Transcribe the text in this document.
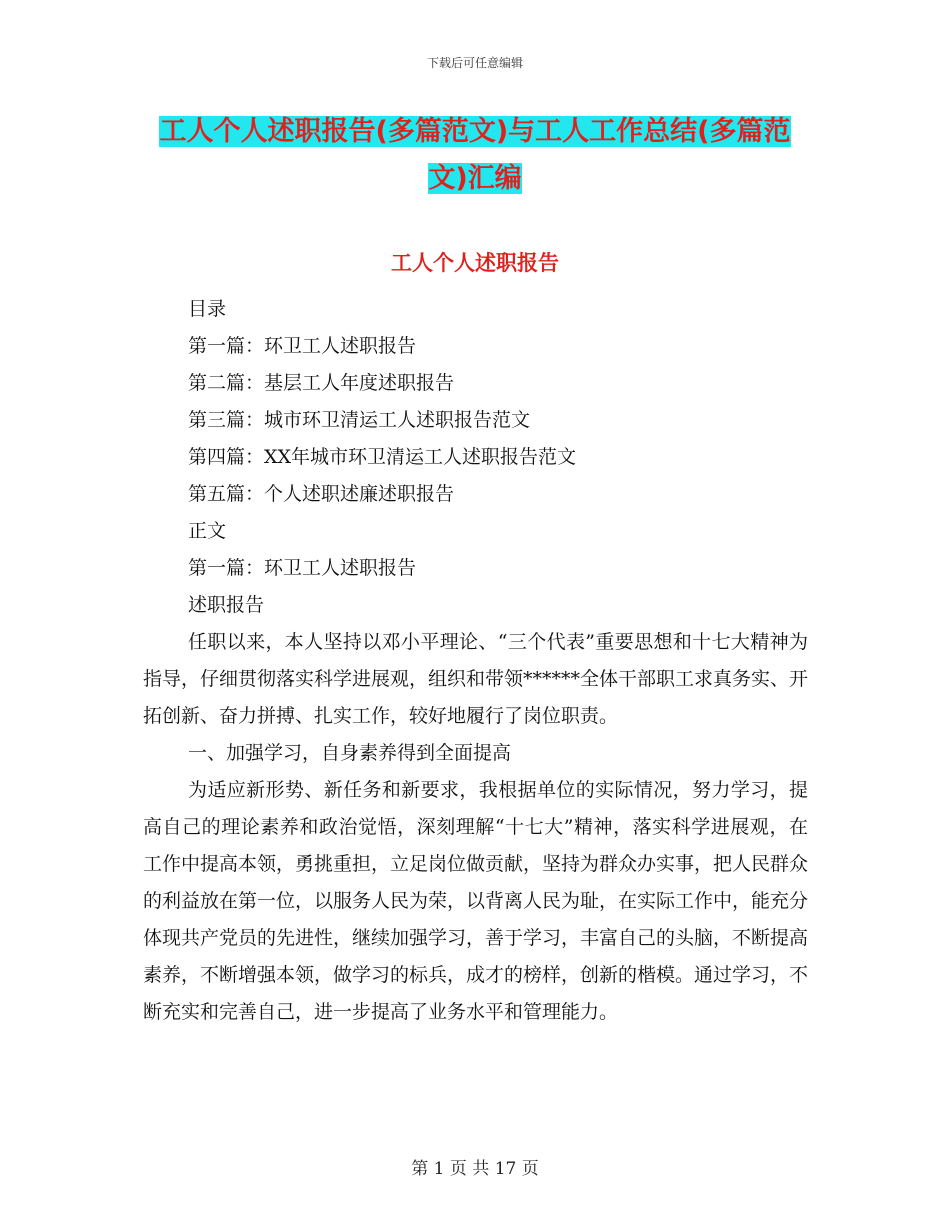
下载后可任意编辑
工人个人述职报告(多篇范文)与工人工作总结(多篇范
文)汇编
工人个人述职报告
目录
第一篇：环卫工人述职报告
第二篇：基层工人年度述职报告
第三篇：城市环卫清运工人述职报告范文
第四篇：XX年城市环卫清运工人述职报告范文
第五篇：个人述职述廉述职报告
正文
第一篇：环卫工人述职报告
述职报告

任职以来，本人坚持以邓小平理论、“三个代表”重要思想和十七大精神为指导，仔细贯彻落实科学进展观，组织和带领******全体干部职工求真务实、开拓创新、奋力拼搏、扎实工作，较好地履行了岗位职责。

一、加强学习，自身素养得到全面提高

为适应新形势、新任务和新要求，我根据单位的实际情况，努力学习，提高自己的理论素养和政治觉悟，深刻理解“十七大”精神，落实科学进展观，在工作中提高本领，勇挑重担，立足岗位做贡献，坚持为群众办实事，把人民群众的利益放在第一位，以服务人民为荣，以背离人民为耻，在实际工作中，能充分体现共产党员的先进性，继续加强学习，善于学习，丰富自己的头脑，不断提高素养，不断增强本领，做学习的标兵，成才的榜样，创新的楷模。通过学习，不断充实和完善自己，进一步提高了业务水平和管理能力。

第 1 页 共 17 页
